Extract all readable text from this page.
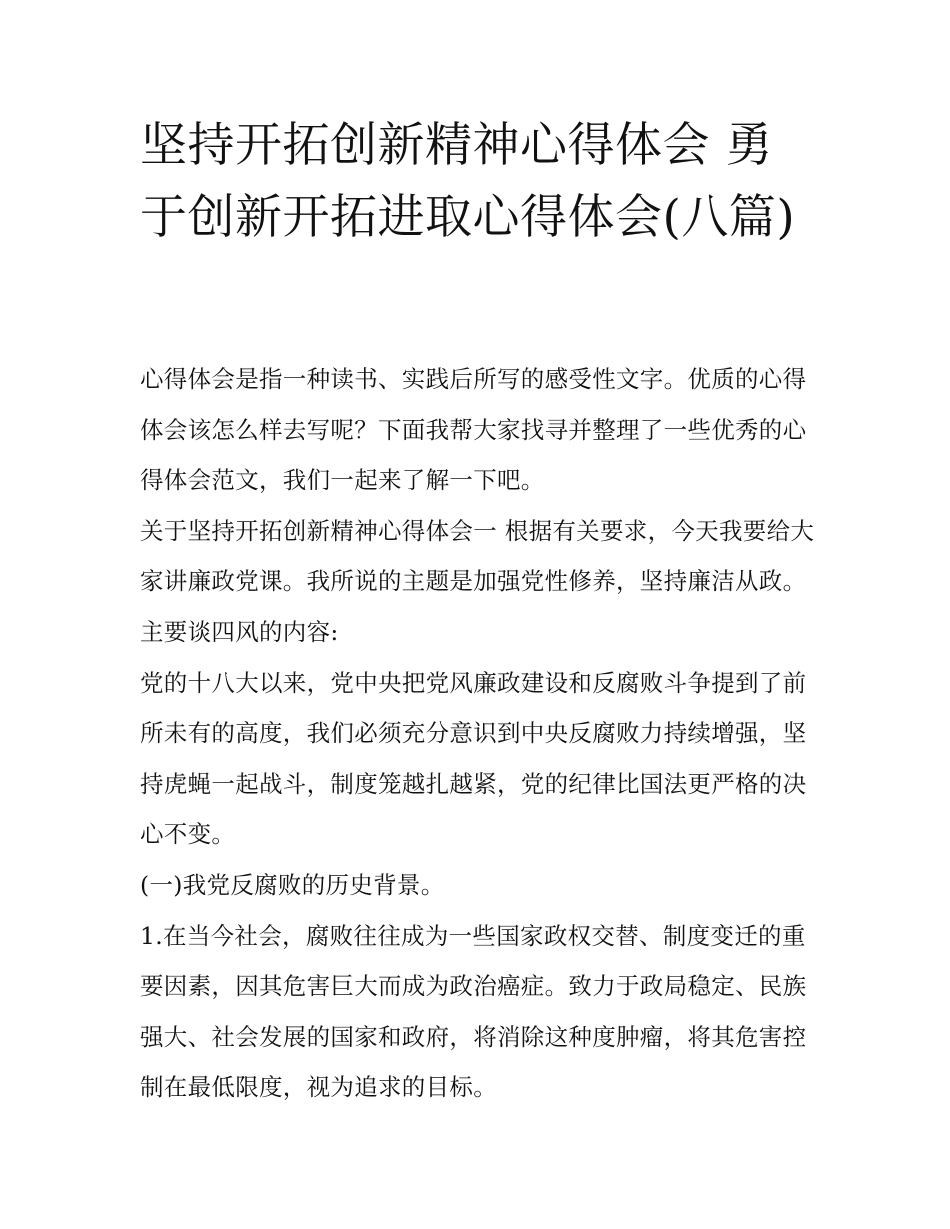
坚持开拓创新精神心得体会 勇于创新开拓进取心得体会(八篇)

心得体会是指一种读书、实践后所写的感受性文字。优质的心得体会该怎么样去写呢？下面我帮大家找寻并整理了一些优秀的心得体会范文，我们一起来了解一下吧。

关于坚持开拓创新精神心得体会一 根据有关要求，今天我要给大家讲廉政党课。我所说的主题是加强党性修养，坚持廉洁从政。主要谈四风的内容:

党的十八大以来，党中央把党风廉政建设和反腐败斗争提到了前所未有的高度，我们必须充分意识到中央反腐败力持续增强，坚持虎蝇一起战斗，制度笼越扎越紧，党的纪律比国法更严格的决心不变。

(一)我党反腐败的历史背景。

1.在当今社会，腐败往往成为一些国家政权交替、制度变迁的重要因素，因其危害巨大而成为政治癌症。致力于政局稳定、民族强大、社会发展的国家和政府，将消除这种度肿瘤，将其危害控制在最低限度，视为追求的目标。
